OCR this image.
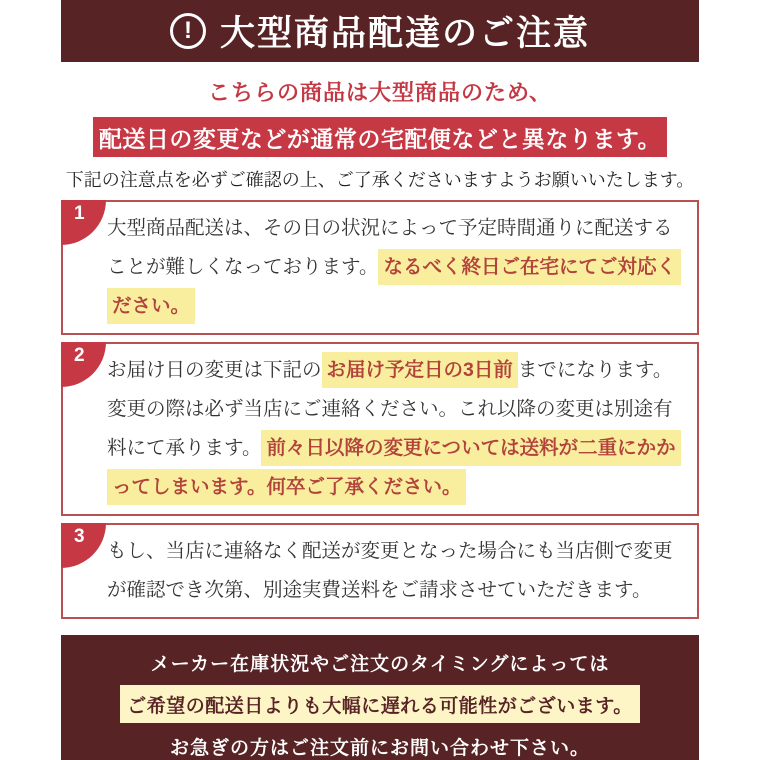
! 大型商品配達のご注意

こちらの商品は大型商品のため、

配送日の変更などが通常の宅配便などと異なります。

下記の注意点を必ずご確認の上、ご了承くださいますようお願いいたします。

1

大型商品配送は、その日の状況によって予定時間通りに配送することが難しくなっております。 なるべく終日ご在宅にてご対応ください。

2

お届け日の変更は下記の お届け予定日の3日前 までになります。変更の際は必ず当店にご連絡ください。これ以降の変更は別途有料にて承ります。 前々日以降の変更については送料が二重にかかってしまいます。何卒ご了承ください。

3

もし、当店に連絡なく配送が変更となった場合にも当店側で変更が確認でき次第、別途実費送料をご請求させていただきます。

メーカー在庫状況やご注文のタイミングによっては

ご希望の配送日よりも大幅に遅れる可能性がございます。

お急ぎの方はご注文前にお問い合わせ下さい。
